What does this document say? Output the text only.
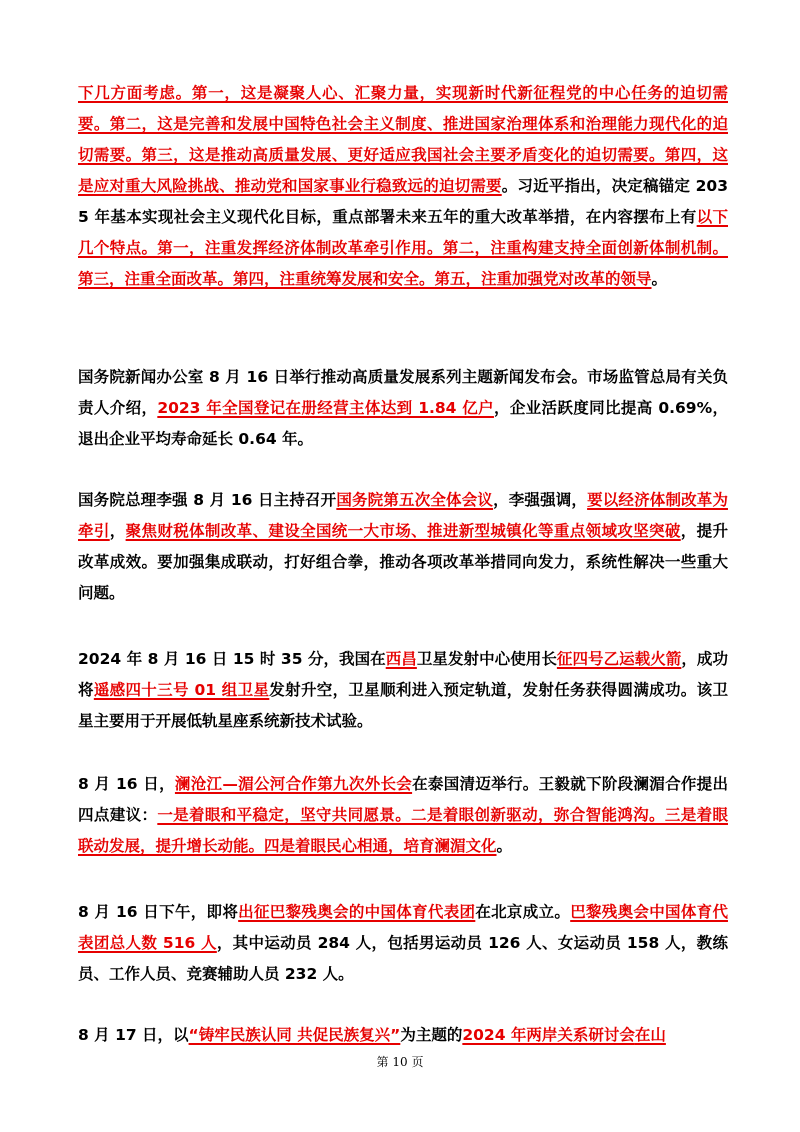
下几方面考虑。第一，这是凝聚人心、汇聚力量，实现新时代新征程党的中心任务的迫切需要。第二，这是完善和发展中国特色社会主义制度、推进国家治理体系和治理能力现代化的迫切需要。第三，这是推动高质量发展、更好适应我国社会主要矛盾变化的迫切需要。第四，这是应对重大风险挑战、推动党和国家事业行稳致远的迫切需要。习近平指出，决定稿锚定 2035 年基本实现社会主义现代化目标，重点部署未来五年的重大改革举措，在内容摆布上有以下几个特点。第一，注重发挥经济体制改革牵引作用。第二，注重构建支持全面创新体制机制。第三，注重全面改革。第四，注重统筹发展和安全。第五，注重加强党对改革的领导。

国务院新闻办公室 8 月 16 日举行推动高质量发展系列主题新闻发布会。市场监管总局有关负责人介绍，2023 年全国登记在册经营主体达到 1.84 亿户，企业活跃度同比提高 0.69%，退出企业平均寿命延长 0.64 年。

国务院总理李强 8 月 16 日主持召开国务院第五次全体会议，李强强调，要以经济体制改革为牵引，聚焦财税体制改革、建设全国统一大市场、推进新型城镇化等重点领域攻坚突破，提升改革成效。要加强集成联动，打好组合拳，推动各项改革举措同向发力，系统性解决一些重大问题。

2024 年 8 月 16 日 15 时 35 分，我国在西昌卫星发射中心使用长征四号乙运载火箭，成功将遥感四十三号 01 组卫星发射升空，卫星顺利进入预定轨道，发射任务获得圆满成功。该卫星主要用于开展低轨星座系统新技术试验。

8 月 16 日，澜沧江—湄公河合作第九次外长会在泰国清迈举行。王毅就下阶段澜湄合作提出四点建议：一是着眼和平稳定，坚守共同愿景。二是着眼创新驱动，弥合智能鸿沟。三是着眼联动发展，提升增长动能。四是着眼民心相通，培育澜湄文化。

8 月 16 日下午，即将出征巴黎残奥会的中国体育代表团在北京成立。巴黎残奥会中国体育代表团总人数 516 人，其中运动员 284 人，包括男运动员 126 人、女运动员 158 人，教练员、工作人员、竞赛辅助人员 232 人。

8 月 17 日，以“铸牢民族认同 共促民族复兴”为主题的2024 年两岸关系研讨会在山

第 10 页
